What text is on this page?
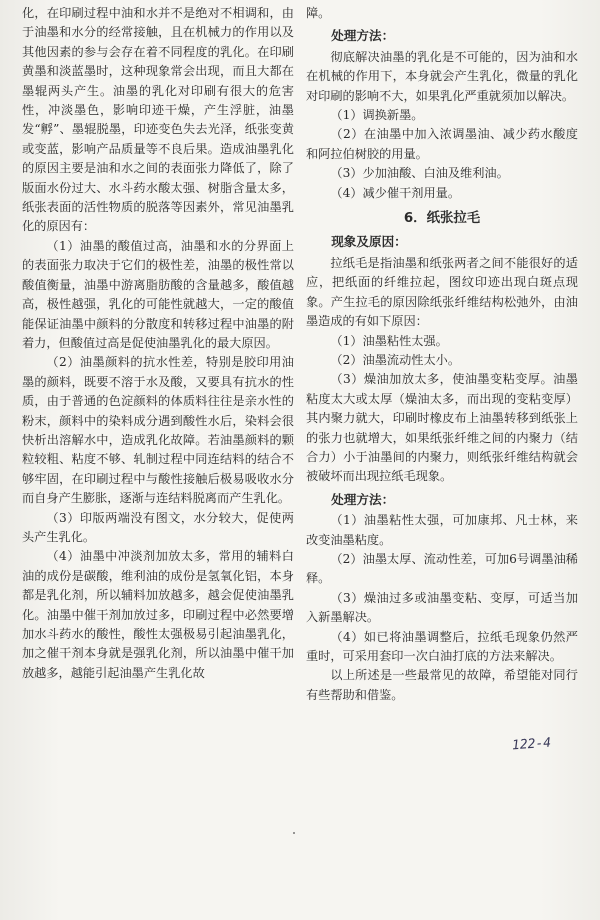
化，在印刷过程中油和水并不是绝对不相调和，由于油墨和水分的经常接触，且在机械力的作用以及其他因素的参与会存在着不同程度的乳化。在印刷黄墨和淡蓝墨时，这种现象常会出现，而且大都在墨辊两头产生。油墨的乳化对印刷有很大的危害性，冲淡墨色，影响印迹干燥，产生浮脏，油墨发“孵”、墨辊脱墨，印迹变色失去光泽，纸张变黄或变蓝，影响产品质量等不良后果。造成油墨乳化的原因主要是油和水之间的表面张力降低了，除了版面水份过大、水斗药水酸太强、树脂含量太多，纸张表面的活性物质的脱落等因素外，常见油墨乳化的原因有：

（1）油墨的酸值过高，油墨和水的分界面上的表面张力取决于它们的极性差，油墨的极性常以酸值衡量，油墨中游离脂肪酸的含量越多，酸值越高，极性越强，乳化的可能性就越大，一定的酸值能保证油墨中颜料的分散度和转移过程中油墨的附着力，但酸值过高是促使油墨乳化的最大原因。

（2）油墨颜料的抗水性差，特别是胶印用油墨的颜料，既要不溶于水及酸，又要具有抗水的性质，由于普通的色淀颜料的体质料往往是亲水性的粉末，颜料中的染料成分遇到酸性水后，染料会很快析出溶解水中，造成乳化故障。若油墨颜料的颗粒较粗、粘度不够、轧制过程中同连结料的结合不够牢固，在印刷过程中与酸性接触后极易吸收水分而自身产生膨胀，逐渐与连结料脱离而产生乳化。

（3）印版两端没有图文，水分较大，促使两头产生乳化。

（4）油墨中冲淡剂加放太多，常用的辅料白油的成份是碳酸，维利油的成份是氢氧化铝，本身都是乳化剂，所以辅料加放越多，越会促使油墨乳化。油墨中催干剂加放过多，印刷过程中必然要增加水斗药水的酸性，酸性太强极易引起油墨乳化，加之催干剂本身就是强乳化剂，所以油墨中催干加放越多，越能引起油墨产生乳化故

障。

处理方法：

彻底解决油墨的乳化是不可能的，因为油和水在机械的作用下，本身就会产生乳化，微量的乳化对印刷的影响不大，如果乳化严重就须加以解决。

（1）调换新墨。

（2）在油墨中加入浓调墨油、减少药水酸度和阿拉伯树胶的用量。

（3）少加油酸、白油及维利油。

（4）减少催干剂用量。

6．纸张拉毛
现象及原因：

拉纸毛是指油墨和纸张两者之间不能很好的适应，把纸面的纤维拉起，图纹印迹出现白斑点现象。产生拉毛的原因除纸张纤维结构松弛外，由油墨造成的有如下原因：

（1）油墨粘性太强。

（2）油墨流动性太小。

（3）燥油加放太多，使油墨变粘变厚。油墨粘度太大或太厚（燥油太多，而出现的变粘变厚）其内聚力就大，印刷时橡皮布上油墨转移到纸张上的张力也就增大，如果纸张纤维之间的内聚力（结合力）小于油墨间的内聚力，则纸张纤维结构就会被破坏而出现拉纸毛现象。

处理方法：

（1）油墨粘性太强，可加康邦、凡士林，来改变油墨粘度。

（2）油墨太厚、流动性差，可加6号调墨油稀释。

（3）燥油过多或油墨变粘、变厚，可适当加入新墨解决。

（4）如已将油墨调整后，拉纸毛现象仍然严重时，可采用套印一次白油打底的方法来解决。

以上所述是一些最常见的故障，希望能对同行有些帮助和借鉴。

122-4
